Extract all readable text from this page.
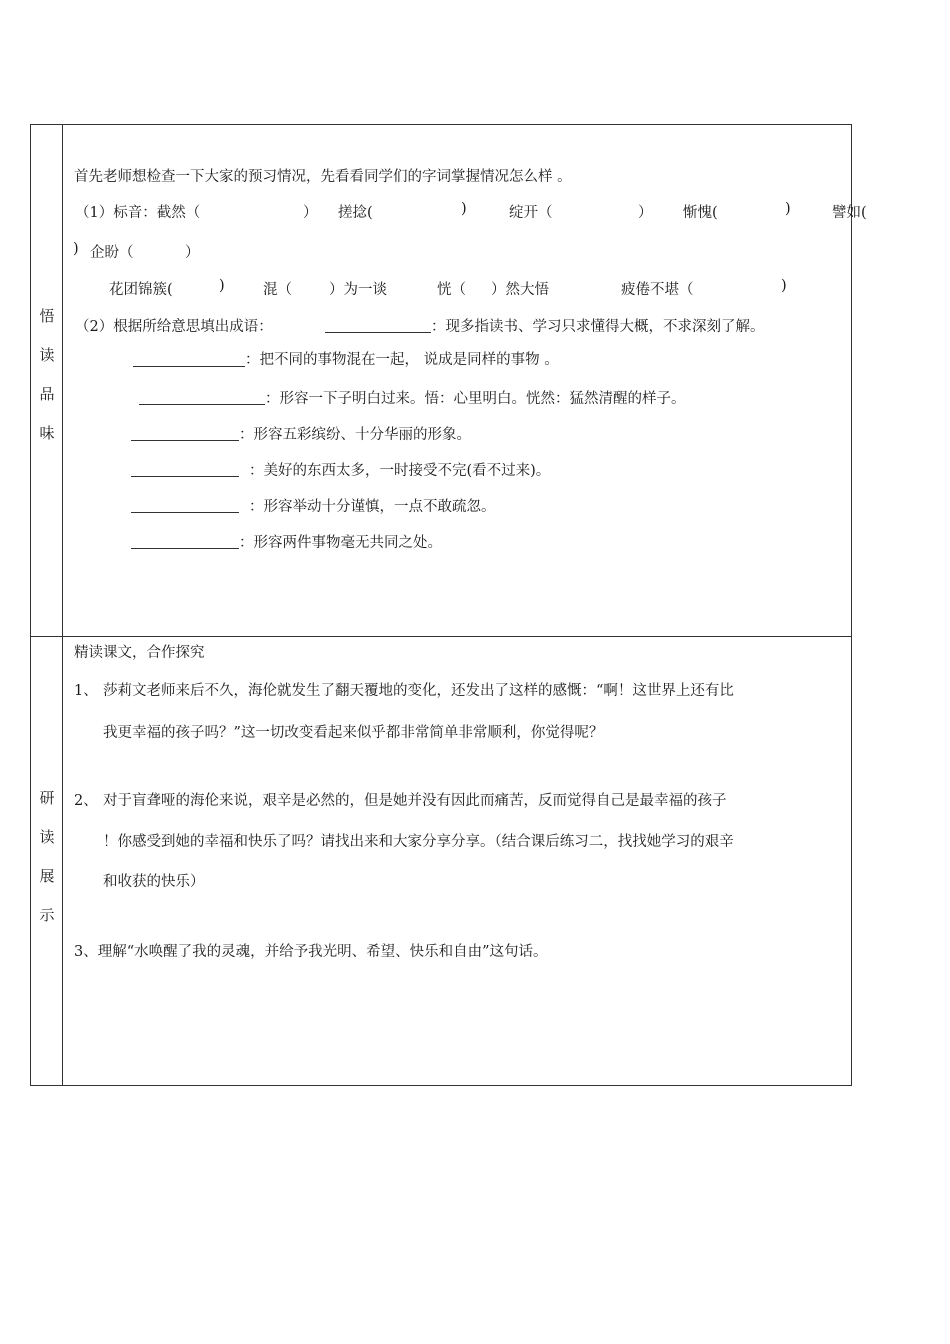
悟
读
品
味
首先老师想检查一下大家的预习情况，先看看同学们的字词掌握情况怎么样 。
（1）标音：截然（	） 搓捻(	)	绽开（	） 惭愧(	)	譬如(
) 企盼（	）
花团锦簇(	)	混（	）为一谈	恍（ ）然大悟	疲倦不堪（	)
（2）根据所给意思填出成语：	：现多指读书、学习只求懂得大概，不求深刻了解。
：把不同的事物混在一起， 说成是同样的事物 。
：形容一下子明白过来。悟：心里明白。恍然：猛然清醒的样子。
：形容五彩缤纷、十分华丽的形象。
：美好的东西太多，一时接受不完(看不过来)。
：形容举动十分谨慎，一点不敢疏忽。
：形容两件事物毫无共同之处。
研
读
展
示
精读课文，合作探究
1、 莎莉文老师来后不久，海伦就发生了翻天覆地的变化，还发出了这样的感慨：“啊！这世界上还有比
我更幸福的孩子吗？”这一切改变看起来似乎都非常简单非常顺利，你觉得呢？
2、 对于盲聋哑的海伦来说，艰辛是必然的，但是她并没有因此而痛苦，反而觉得自己是最幸福的孩子
！你感受到她的幸福和快乐了吗？请找出来和大家分享分享。（结合课后练习二，找找她学习的艰辛
和收获的快乐）
3、理解“水唤醒了我的灵魂，并给予我光明、希望、快乐和自由”这句话。
